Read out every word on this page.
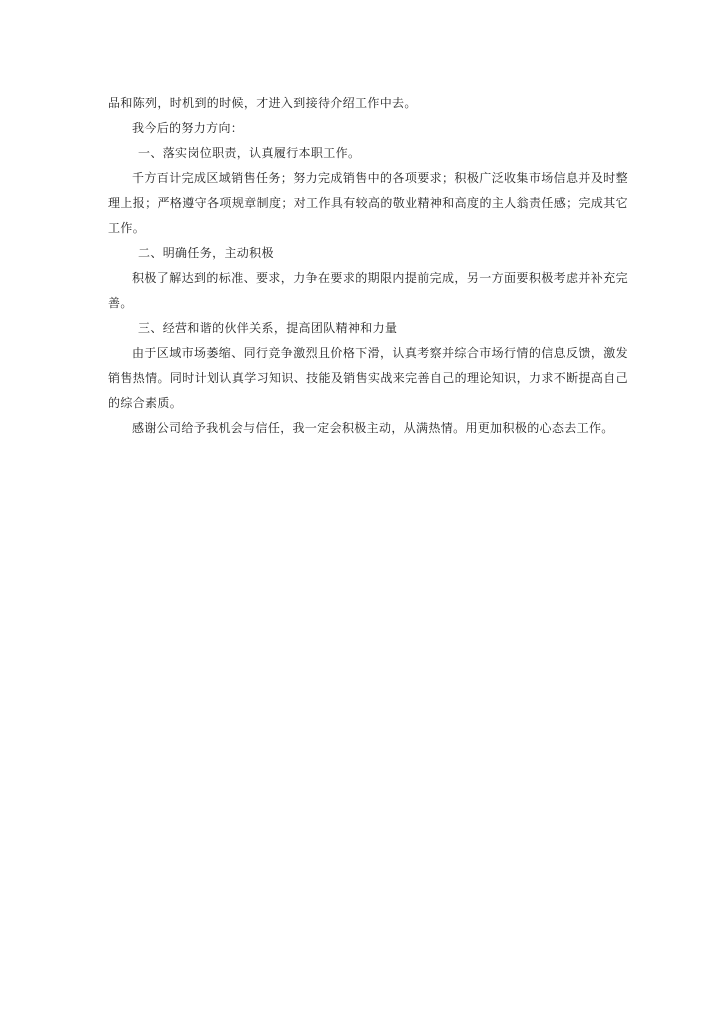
品和陈列，时机到的时候，才进入到接待介绍工作中去。

我今后的努力方向：

一、落实岗位职责，认真履行本职工作。

千方百计完成区域销售任务；努力完成销售中的各项要求；积极广泛收集市场信息并及时整理上报；严格遵守各项规章制度；对工作具有较高的敬业精神和高度的主人翁责任感；完成其它工作。

二、明确任务，主动积极

积极了解达到的标准、要求，力争在要求的期限内提前完成，另一方面要积极考虑并补充完善。

三、经营和谐的伙伴关系，提高团队精神和力量

由于区域市场萎缩、同行竞争激烈且价格下滑，认真考察并综合市场行情的信息反馈，激发销售热情。同时计划认真学习知识、技能及销售实战来完善自己的理论知识，力求不断提高自己的综合素质。

感谢公司给予我机会与信任，我一定会积极主动，从满热情。用更加积极的心态去工作。
